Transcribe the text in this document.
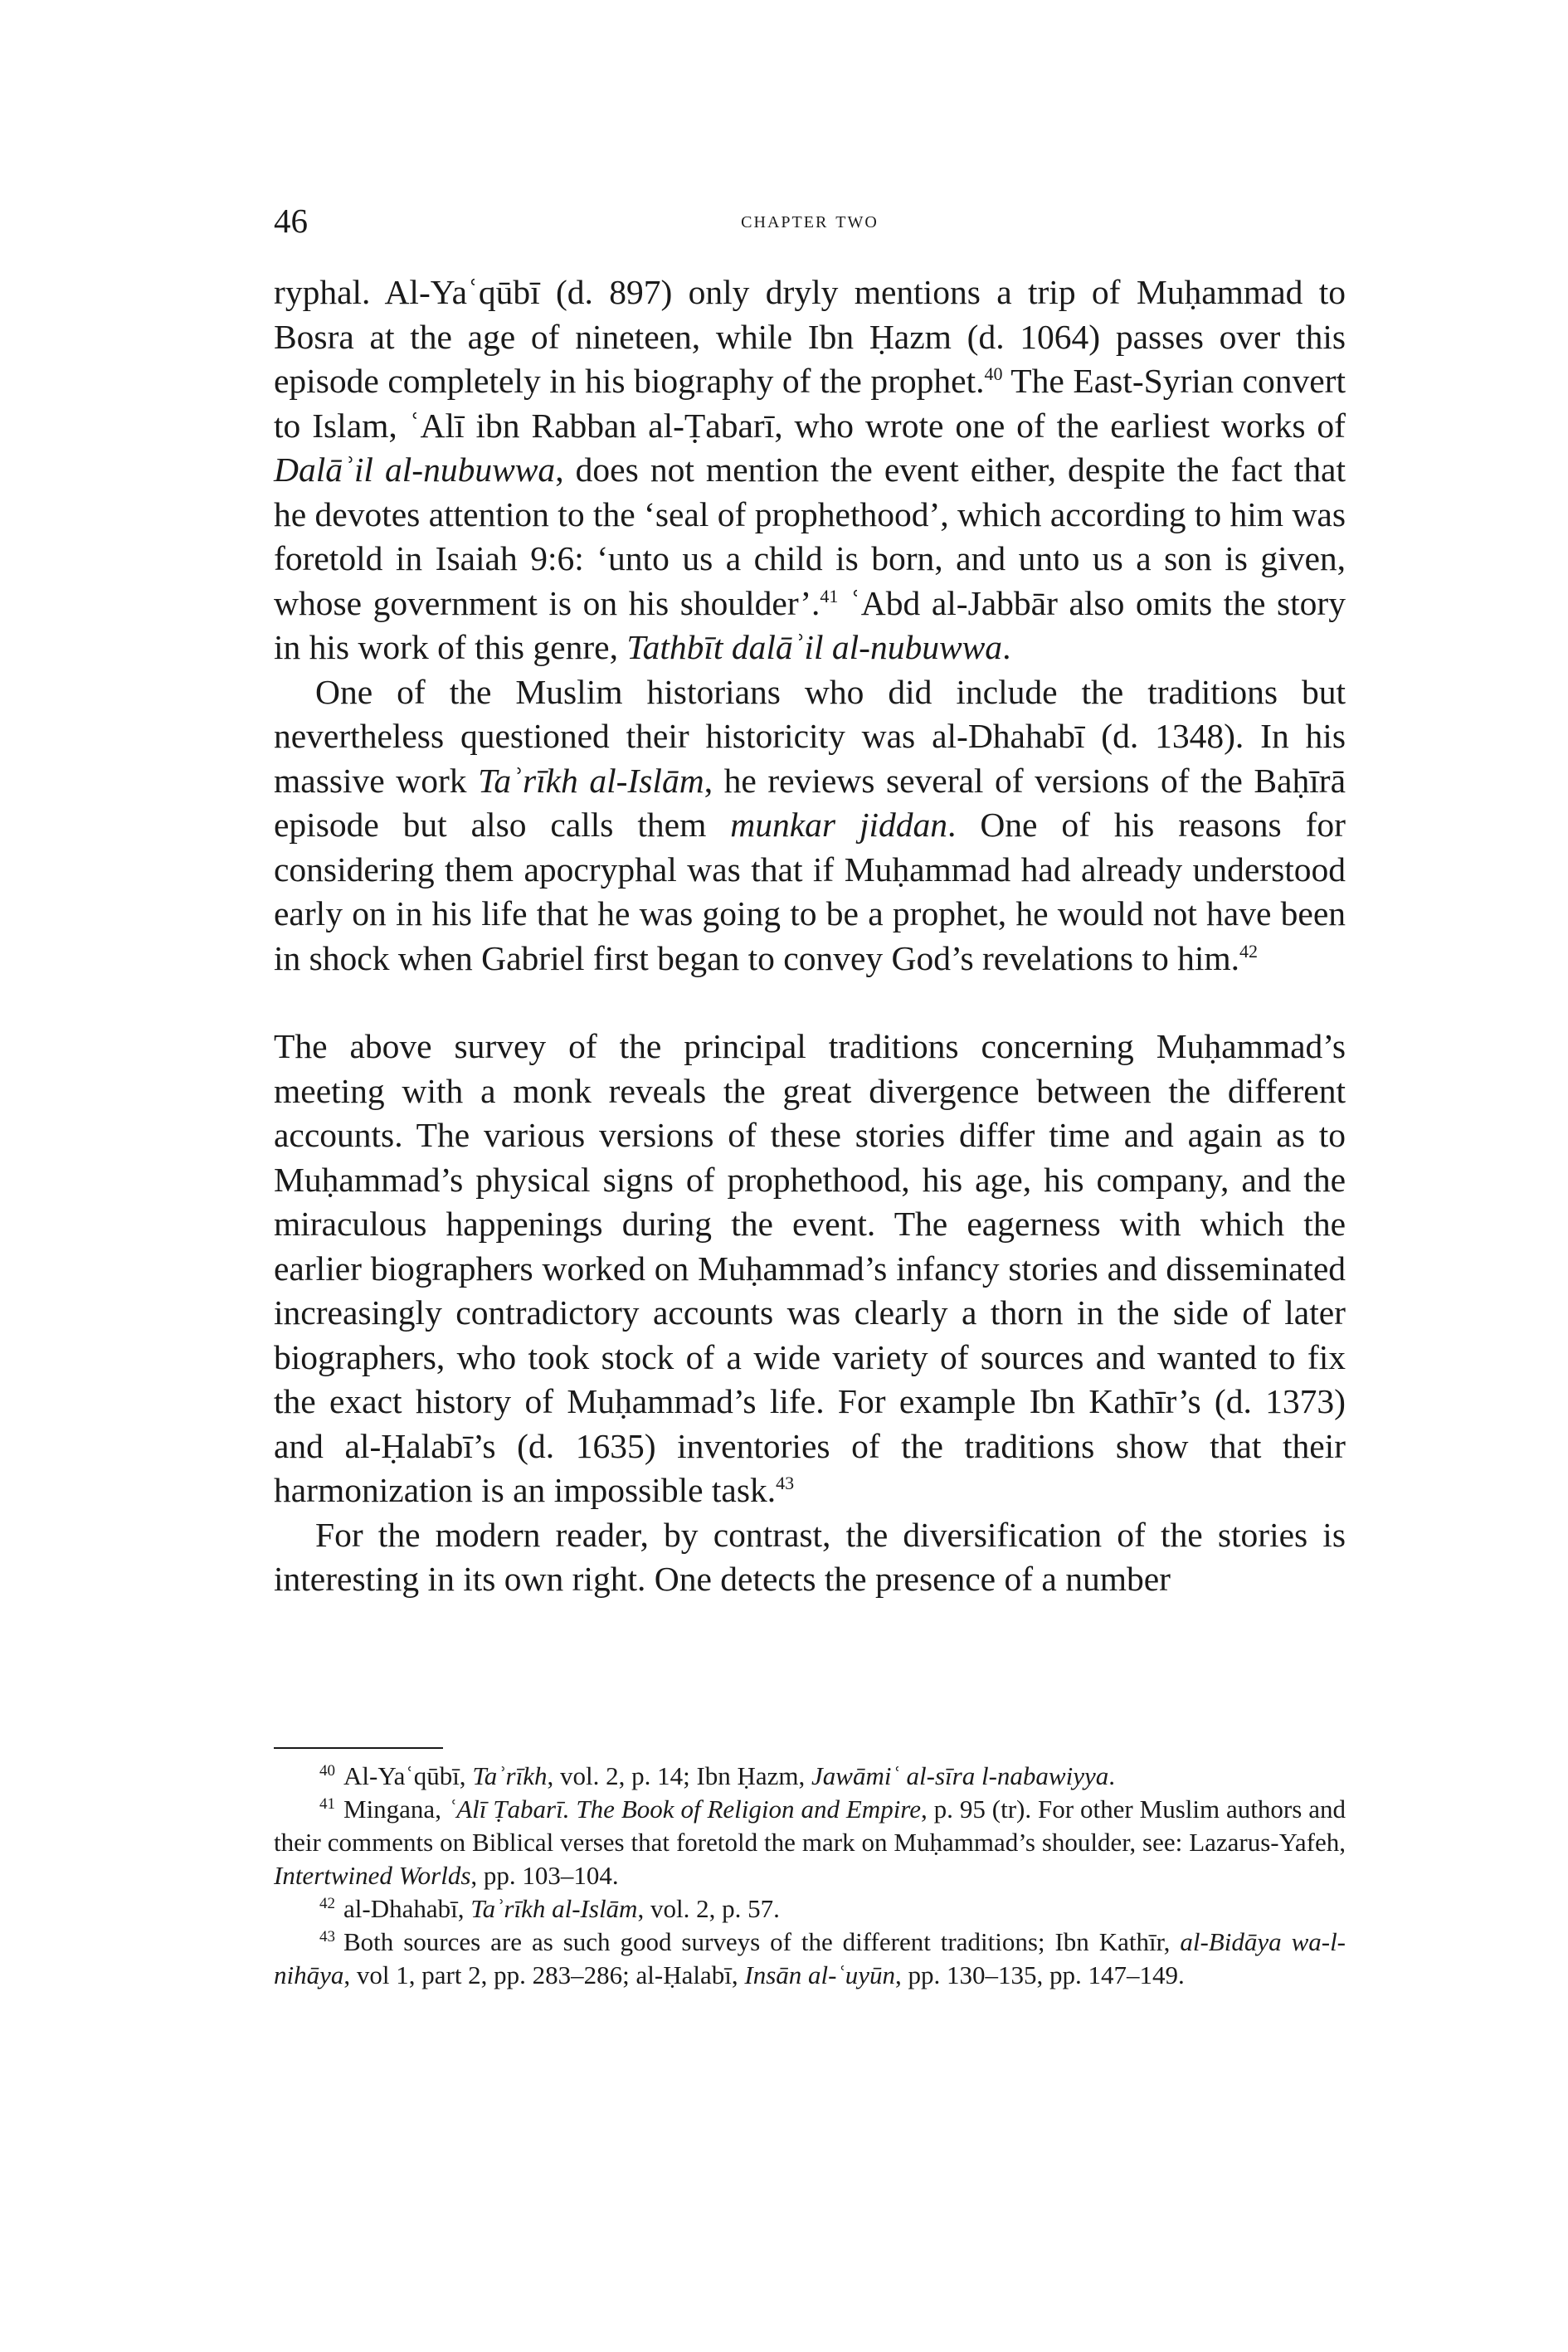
46	chapter two

ryphal. Al-Yaʿqūbī (d. 897) only dryly mentions a trip of Muḥammad to Bosra at the age of nineteen, while Ibn Ḥazm (d. 1064) passes over this episode completely in his biography of the prophet.$^{40}$ The East-Syrian convert to Islam, ʿAlī ibn Rabban al-Ṭabarī, who wrote one of the earliest works of Dalāʾil al-nubuwwa, does not mention the event either, despite the fact that he devotes attention to the ‘seal of prophethood’, which according to him was foretold in Isaiah 9:6: ‘unto us a child is born, and unto us a son is given, whose government is on his shoulder’.$^{41}$ ʿAbd al-Jabbār also omits the story in his work of this genre, Tathbīt dalāʾil al-nubuwwa.

One of the Muslim historians who did include the traditions but nevertheless questioned their historicity was al-Dhahabī (d. 1348). In his massive work Taʾrīkh al-Islām, he reviews several of versions of the Baḥīrā episode but also calls them munkar jiddan. One of his reasons for considering them apocryphal was that if Muḥammad had already understood early on in his life that he was going to be a prophet, he would not have been in shock when Gabriel first began to convey God’s revelations to him.$^{42}$

The above survey of the principal traditions concerning Muḥammad’s meeting with a monk reveals the great divergence between the different accounts. The various versions of these stories differ time and again as to Muḥammad’s physical signs of prophethood, his age, his company, and the miraculous happenings during the event. The eagerness with which the earlier biographers worked on Muḥammad’s infancy stories and disseminated increasingly contradictory accounts was clearly a thorn in the side of later biographers, who took stock of a wide variety of sources and wanted to fix the exact history of Muḥammad’s life. For example Ibn Kathīr’s (d. 1373) and al-Ḥalabī’s (d. 1635) inventories of the traditions show that their harmonization is an impossible task.$^{43}$

For the modern reader, by contrast, the diversification of the stories is interesting in its own right. One detects the presence of a number

$^{40}$ Al-Yaʿqūbī, Taʾrīkh, vol. 2, p. 14; Ibn Ḥazm, Jawāmiʿ al-sīra l-nabawiyya.

$^{41}$ Mingana, ʿAlī Ṭabarī. The Book of Religion and Empire, p. 95 (tr). For other Muslim authors and their comments on Biblical verses that foretold the mark on Muḥammad’s shoulder, see: Lazarus-Yafeh, Intertwined Worlds, pp. 103–104.

$^{42}$ al-Dhahabī, Taʾrīkh al-Islām, vol. 2, p. 57.

$^{43}$ Both sources are as such good surveys of the different traditions; Ibn Kathīr, al-Bidāya wa-l-nihāya, vol 1, part 2, pp. 283–286; al-Ḥalabī, Insān al-ʿuyūn, pp. 130–135, pp. 147–149.
